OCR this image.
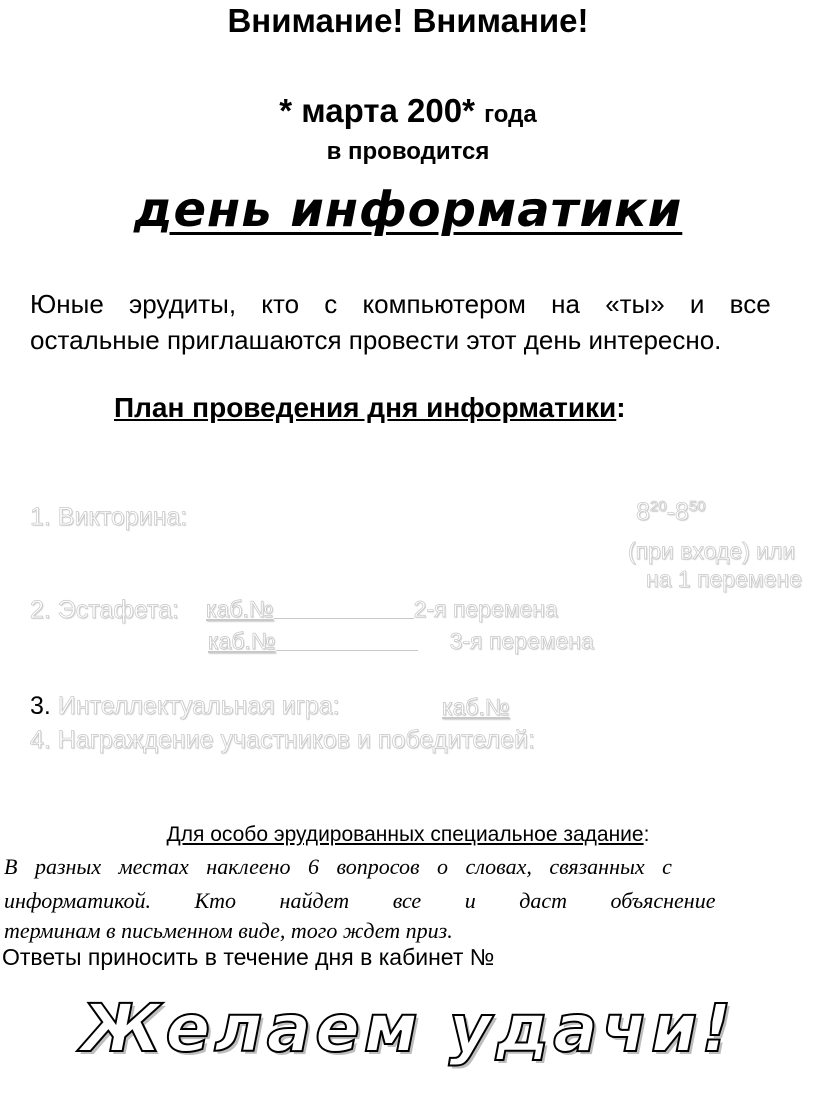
Внимание! Внимание!
* марта 200* года
в проводится
день информатики
Юные эрудиты, кто с компьютером на «ты» и все
остальные приглашаются провести этот день интересно.
План проведения дня информатики:
1. Викторина:	$8^{20}-8^{50}$
(при входе) или
на 1 перемене
2. Эстафета: каб.№	2-я перемена
каб.№	3-я перемена
3. Интеллектуальная игра:	каб.№
4. Награждение участников и победителей:
Для особо эрудированных специальное задание:
В разных местах наклеено 6 вопросов о словах, связанных с
информатикой. Кто найдет все и даст объяснение
терминам в письменном виде, того ждет приз.
Ответы приносить в течение дня в кабинет №
Желаем удачи!
